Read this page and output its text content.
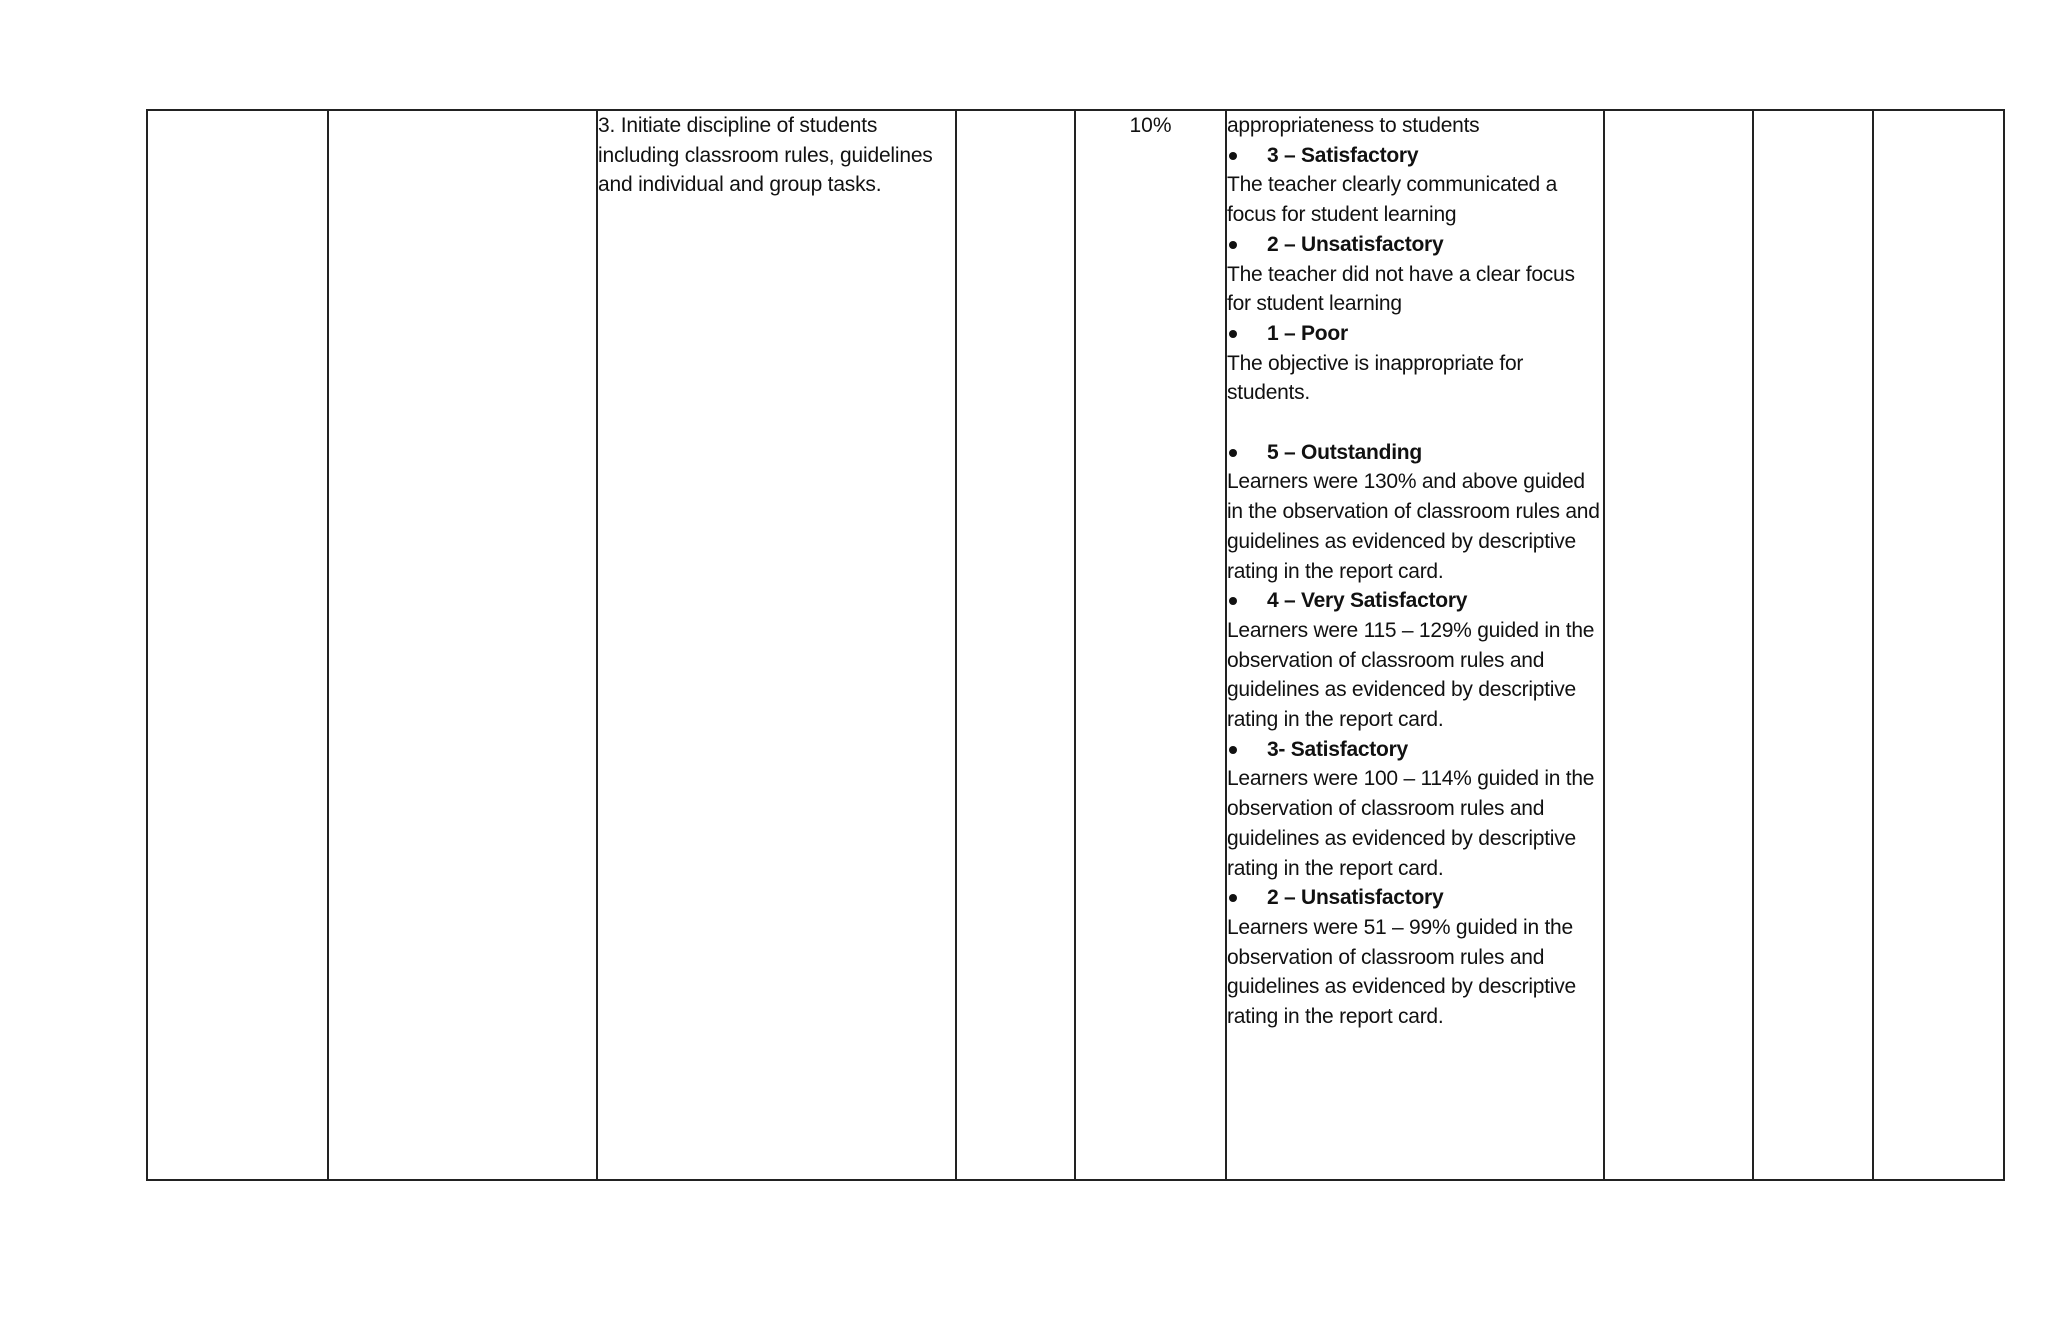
		3. Initiate discipline of students including classroom rules, guidelines and individual and group tasks.		10%	appropriateness to students

3 – Satisfactory

The teacher clearly communicated a focus for student learning

2 – Unsatisfactory

The teacher did not have a clear focus for student learning

1 – Poor

The objective is inappropriate for students.

5 – Outstanding

Learners were 130% and above guided in the observation of classroom rules and guidelines as evidenced by descriptive rating in the report card.

4 – Very Satisfactory

Learners were 115 – 129% guided in the observation of classroom rules and guidelines as evidenced by descriptive rating in the report card.

3- Satisfactory

Learners were 100 – 114% guided in the observation of classroom rules and guidelines as evidenced by descriptive rating in the report card.

2 – Unsatisfactory

Learners were 51 – 99% guided in the observation of classroom rules and guidelines as evidenced by descriptive rating in the report card.
